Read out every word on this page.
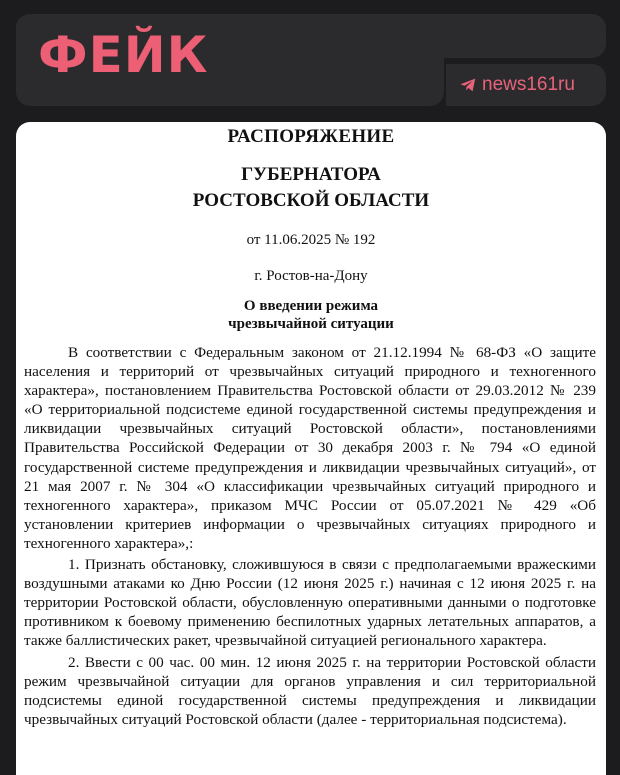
ФЕЙК
news161ru
РАСПОРЯЖЕНИЕ
ГУБЕРНАТОРА
РОСТОВСКОЙ ОБЛАСТИ
от 11.06.2025 № 192
г. Ростов-на-Дону
О введении режима
чрезвычайной ситуации

В соответствии с Федеральным законом от 21.12.1994 № 68-ФЗ «О защите населения и территорий от чрезвычайных ситуаций природного и техногенного характера», постановлением Правительства Ростовской области от 29.03.2012 № 239 «О территориальной подсистеме единой государственной системы предупреждения и ликвидации чрезвычайных ситуаций Ростовской области», постановлениями Правительства Российской Федерации от 30 декабря 2003 г. № 794 «О единой государственной системе предупреждения и ликвидации чрезвычайных ситуаций», от 21 мая 2007 г. № 304 «О классификации чрезвычайных ситуаций природного и техногенного характера», приказом МЧС России от 05.07.2021 № 429 «Об установлении критериев информации о чрезвычайных ситуациях природного и техногенного характера»,:

1. Признать обстановку, сложившуюся в связи с предполагаемыми вражескими воздушными атаками ко Дню России (12 июня 2025 г.) начиная с 12 июня 2025 г. на территории Ростовской области, обусловленную оперативными данными о подготовке противником к боевому применению беспилотных ударных летательных аппаратов, а также баллистических ракет, чрезвычайной ситуацией регионального характера.

2. Ввести с 00 час. 00 мин. 12 июня 2025 г. на территории Ростовской области режим чрезвычайной ситуации для органов управления и сил территориальной подсистемы единой государственной системы предупреждения и ликвидации чрезвычайных ситуаций Ростовской области (далее - территориальная подсистема).
